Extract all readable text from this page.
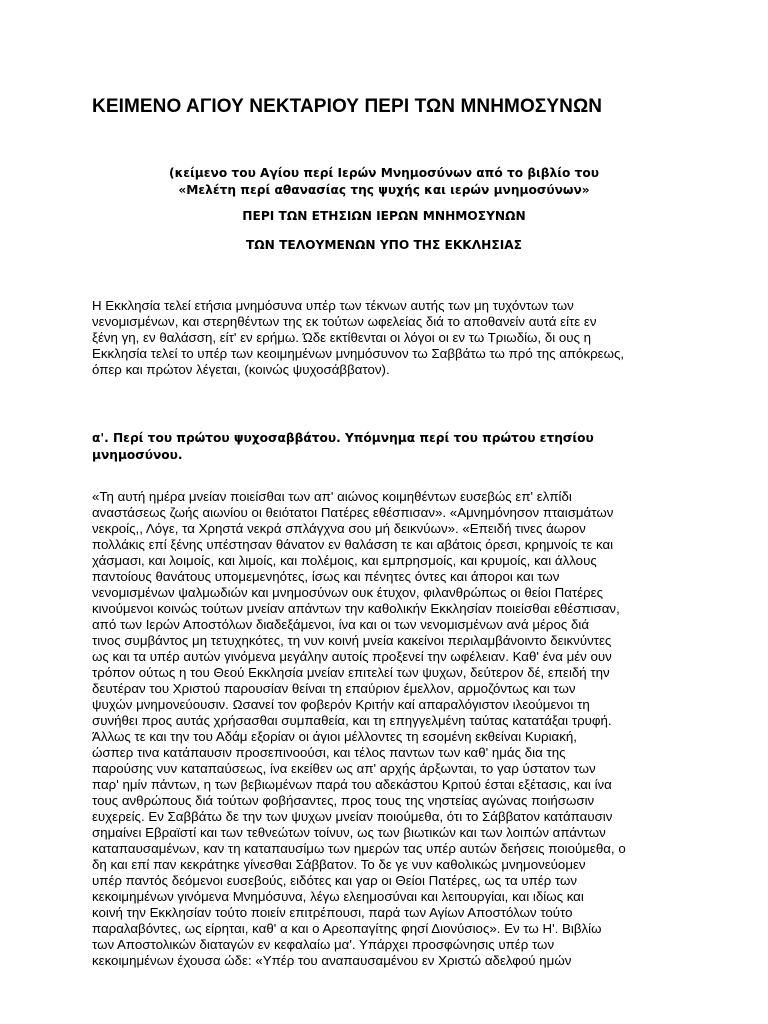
ΚΕΙΜΕΝΟ ΑΓΙΟΥ ΝΕΚΤΑΡΙΟΥ ΠΕΡΙ ΤΩΝ ΜΝΗΜΟΣΥΝΩΝ
(κείμενο του Αγίου περί Ιερών Μνημοσύνων από το βιβλίο του
«Μελέτη περί αθανασίας της ψυχής και ιερών μνημοσύνων»
ΠΕΡΙ ΤΩΝ ΕΤΗΣΙΩΝ ΙΕΡΩΝ ΜΝΗΜΟΣΥΝΩΝ
ΤΩΝ ΤΕΛΟΥΜΕΝΩΝ ΥΠΟ ΤΗΣ ΕΚΚΛΗΣΙΑΣ

Η Εκκλησία τελεί ετήσια μνημόσυνα υπέρ των τέκνων αυτής των μη τυχόντων των
νενομισμένων, και στερηθέντων της εκ τούτων ωφελείας διά το αποθανείν αυτά είτε εν
ξένη γη, εν θαλάσση, είτ' εν ερήμω. Ώδε εκτίθενται οι λόγοι οι εν τω Τριωδίω, δι ους η
Εκκλησία τελεί το υπέρ των κεοιμημένων μνημόσυνον τω Σαββάτω τω πρό της απόκρεως,
όπερ και πρώτον λέγεται, (κοινώς ψυχοσάββατον).

α'. Περί του πρώτου ψυχοσαββάτου. Υπόμνημα περί του πρώτου ετησίου
μνημοσύνου.

«Τη αυτή ημέρα μνείαν ποιείσθαι των απ' αιώνος κοιμηθέντων ευσεβώς επ' ελπίδι
αναστάσεως ζωής αιωνίου οι θειότατοι Πατέρες εθέσπισαν». «Αμνημόνησον πταισμάτων
νεκροίς,, Λόγε, τα Χρηστά νεκρά σπλάγχνα σου μή δεικνύων». «Επειδή τινες άωρον
πολλάκις επί ξένης υπέστησαν θάνατον εν θαλάσση τε και αβάτοις όρεσι, κρημνοίς τε και
χάσμασι, και λοιμοίς, και λιμοίς, και πολέμοις, και εμπρησμοίς, και κρυμοίς, και άλλους
παντοίους θανάτους υπομεμενηότες, ίσως και πένητες όντες και άποροι και των
νενομισμένων ψαλμωδιών και μνημοσύνων ουκ έτυχον, φιλανθρώπως οι θείοι Πατέρες
κινούμενοι κοινώς τούτων μνείαν απάντων την καθολικήν Εκκλησίαν ποιείσθαι εθέσπισαν,
από των Ιερών Αποστόλων διαδεξάμενοι, ίνα και οι των νενομισμένων ανά μέρος διά
τινος συμβάντος μη τετυχηκότες, τη νυν κοινή μνεία κακείνοι περιλαμβάνοιντο δεικνύντες
ως και τα υπέρ αυτών γινόμενα μεγάλην αυτοίς προξενεί την ωφέλειαν. Καθ' ένα μέν ουν
τρόπον ούτως η του Θεού Εκκλησία μνείαν επιτελεί των ψυχων, δεύτερον δέ, επειδή την
δευτέραν του Χριστού παρουσίαν θείναι τη επαύριον έμελλον, αρμοζόντως και των
ψυχών μνημονεύουσιν. Ωσανεί τον φοβερόν Κριτήν καί απαραλόγιστον ιλεούμενοι τη
συνήθει προς αυτάς χρήσασθαι συμπαθεία, και τη επηγγελμένη ταύτας κατατάξαι τρυφή.
Άλλως τε και την του Αδάμ εξορίαν οι άγιοι μέλλοντες τη εσομένη εκθείναι Κυριακή,
ώσπερ τινα κατάπαυσιν προσεπινοούσι, και τέλος παντων των καθ' ημάς δια της
παρούσης νυν καταπαύσεως, ίνα εκείθεν ως απ' αρχής άρξωνται, το γαρ ύστατον των
παρ' ημίν πάντων, η των βεβιωμένων παρά του αδεκάστου Κριτού έσται εξέτασις, και ίνα
τους ανθρώπους διά τούτων φοβήσαντες, προς τους της νηστείας αγώνας ποιήσωσιν
ευχερείς. Εν Σαββάτω δε την των ψυχων μνείαν ποιούμεθα, ότι το Σάββατον κατάπαυσιν
σημαίνει Εβραϊστί και των τεθνεώτων τοίνυν, ως των βιωτικών και των λοιπών απάντων
καταπαυσαμένων, καν τη καταπαυσίμω των ημερών τας υπέρ αυτών δεήσεις ποιούμεθα, ο
δη και επί παν κεκράτηκε γίνεσθαι Σάββατον. Το δε γε νυν καθολικώς μνημονεύομεν
υπέρ παντός δεόμενοι ευσεβούς, ειδότες και γαρ οι Θείοι Πατέρες, ως τα υπέρ των
κεκοιμημένων γινόμενα Μνημόσυνα, λέγω ελεημοσύναι και λειτουργίαι, και ιδίως και
κοινή την Εκκλησίαν τούτο ποιείν επιτρέπουσι, παρά των Αγίων Αποστόλων τούτο
παραλαβόντες, ως είρηται, καθ' α και ο Αρεοπαγίτης φησί Διονύσιος». Εν τω Η'. Βιβλίω
των Αποστολικών διαταγών εν κεφαλαίω μα'. Υπάρχει προσφώνησις υπέρ των
κεκοιμημένων έχουσα ώδε: «Υπέρ του αναπαυσαμένου εν Χριστώ αδελφού ημών
